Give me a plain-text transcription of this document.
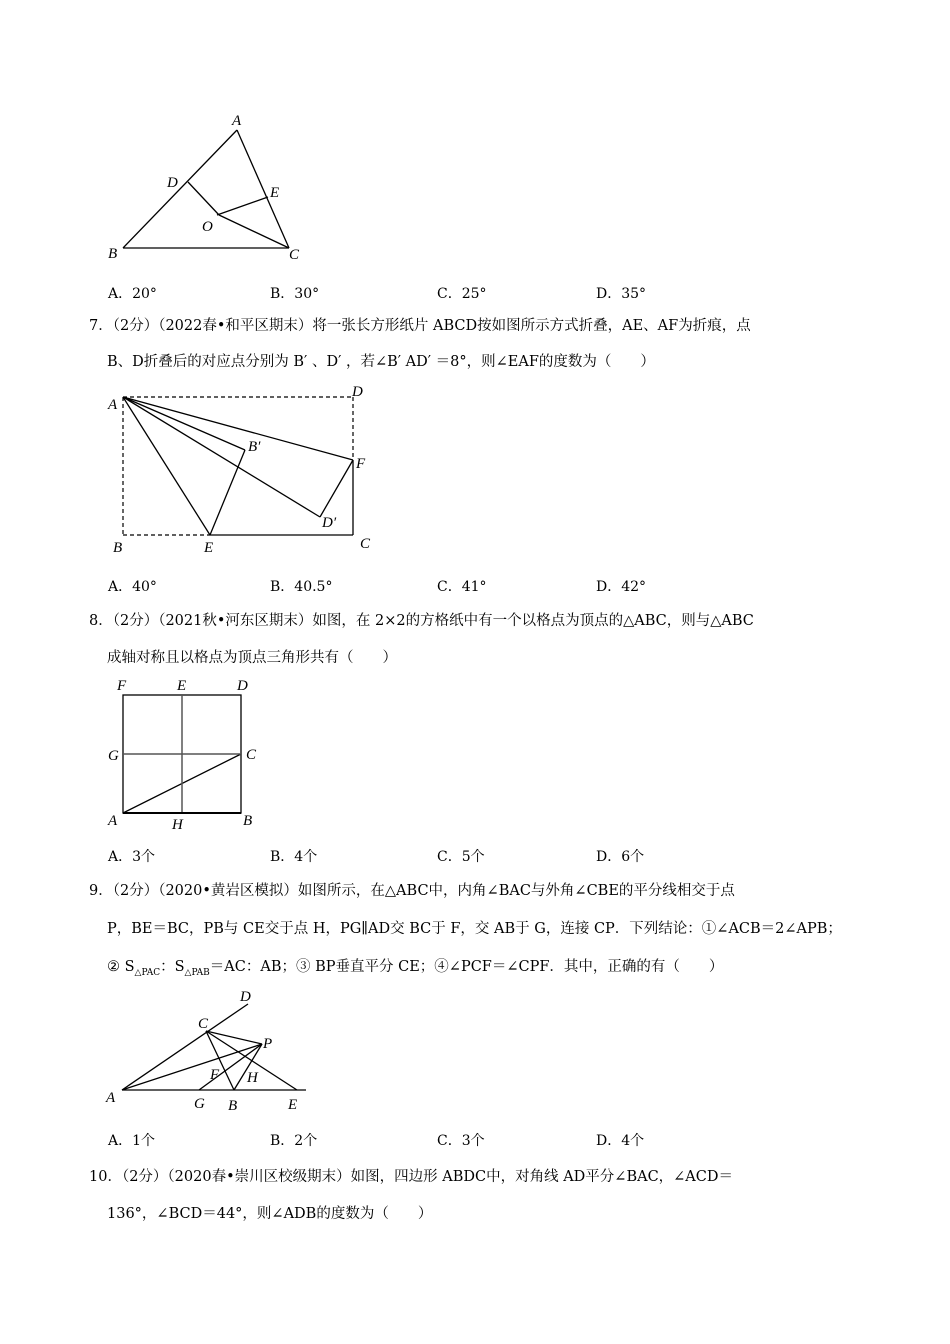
A
D
E
O
B	C
A．20°	B．30°	C．25°	D．35°
7．（2分）（2022春•和平区期末）将一张长方形纸片 ABCD按如图所示方式折叠，AE、AF为折痕，点
B、D折叠后的对应点分别为 B′ 、D′ ，若∠B′ AD′ ＝8°，则∠EAF的度数为（　　）
A
D
B′
F
D′
B	E	C
A．40°	B．40.5°	C．41°	D．42°
8．（2分）（2021秋•河东区期末）如图，在 2×2的方格纸中有一个以格点为顶点的△ABC，则与△ABC
成轴对称且以格点为顶点三角形共有（　　）
F	E	D
G	C
A	H	B
A．3个	B．4个	C．5个	D．6个
9．（2分）（2020•黄岩区模拟）如图所示，在△ABC中，内角∠BAC与外角∠CBE的平分线相交于点
P，BE＝BC，PB与 CE交于点 H，PG∥AD交 BC于 F，交 AB于 G，连接 CP．下列结论：①∠ACB＝2∠APB；
② $S_{\triangle PAC}$：$S_{\triangle PAB}=AC$：AB；③ BP垂直平分 CE；④∠PCF＝∠CPF．其中，正确的有（　　）
D
C
P
F H
A	G B	E
A．1个	B．2个	C．3个	D．4个
10．（2分）（2020春•崇川区校级期末）如图，四边形 ABDC中，对角线 AD平分∠BAC，∠ACD＝
136°，∠BCD＝44°，则∠ADB的度数为（　　）
